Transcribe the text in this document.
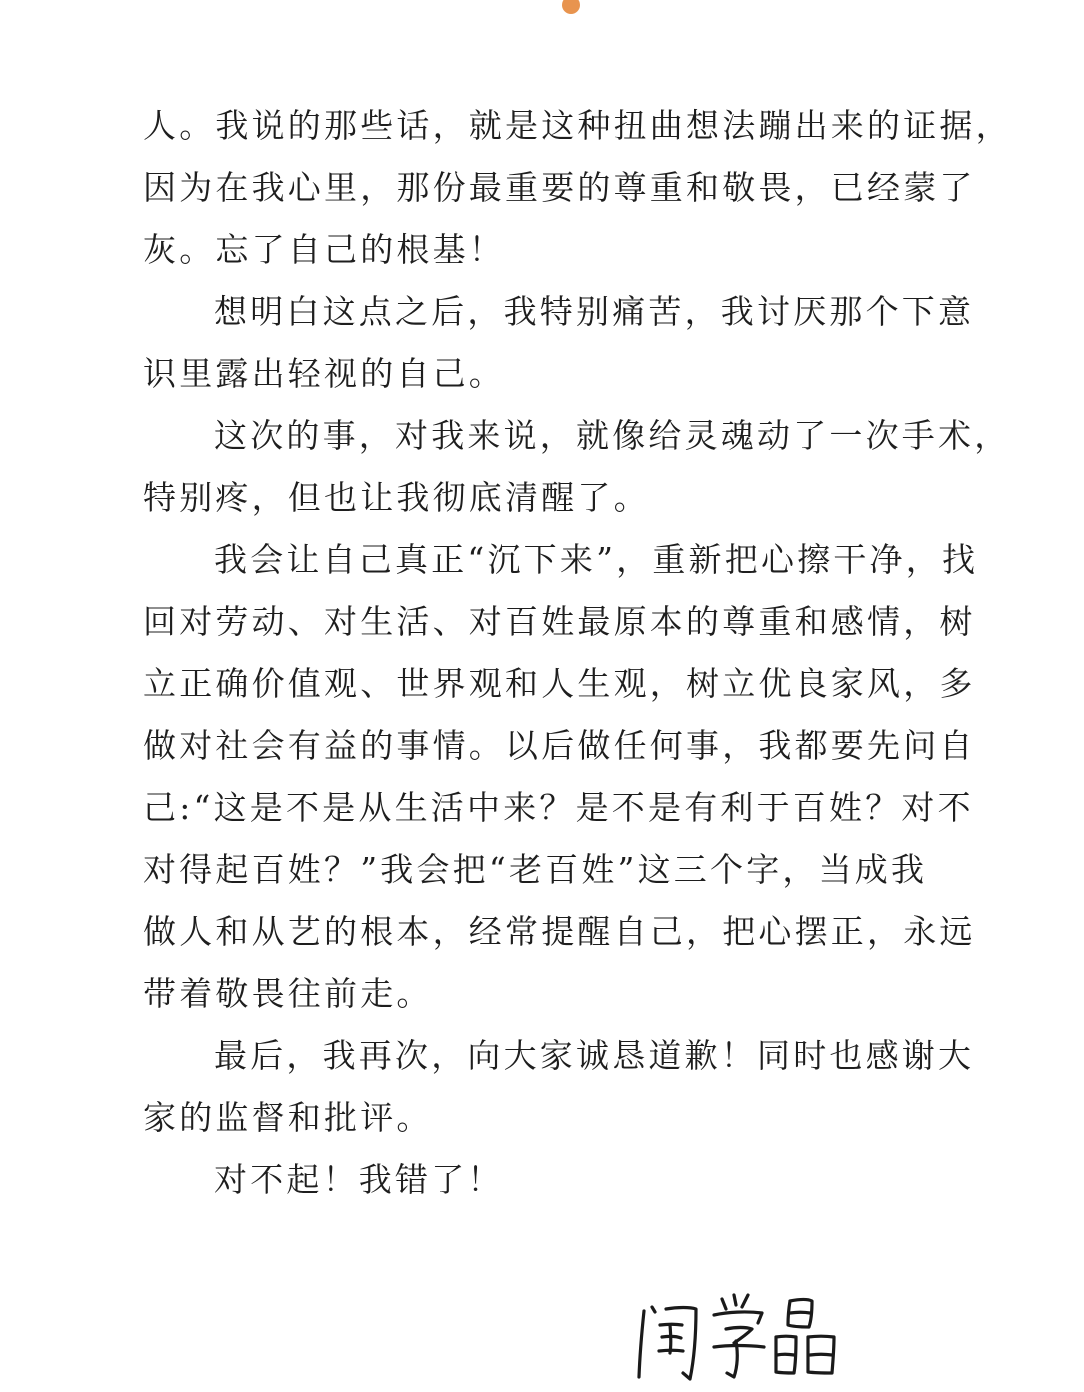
人。我说的那些话，就是这种扭曲想法蹦出来的证据，
因为在我心里，那份最重要的尊重和敬畏，已经蒙了
灰。忘了自己的根基！
想明白这点之后，我特别痛苦，我讨厌那个下意
识里露出轻视的自己。
这次的事，对我来说，就像给灵魂动了一次手术，
特别疼，但也让我彻底清醒了。
我会让自己真正“沉下来”，重新把心擦干净，找
回对劳动、对生活、对百姓最原本的尊重和感情，树
立正确价值观、世界观和人生观，树立优良家风，多
做对社会有益的事情。以后做任何事，我都要先问自
己:“这是不是从生活中来？是不是有利于百姓？对不
对得起百姓？”我会把“老百姓”这三个字，当成我
做人和从艺的根本，经常提醒自己，把心摆正，永远
带着敬畏往前走。
最后，我再次，向大家诚恳道歉！同时也感谢大
家的监督和批评。
对不起！我错了！
